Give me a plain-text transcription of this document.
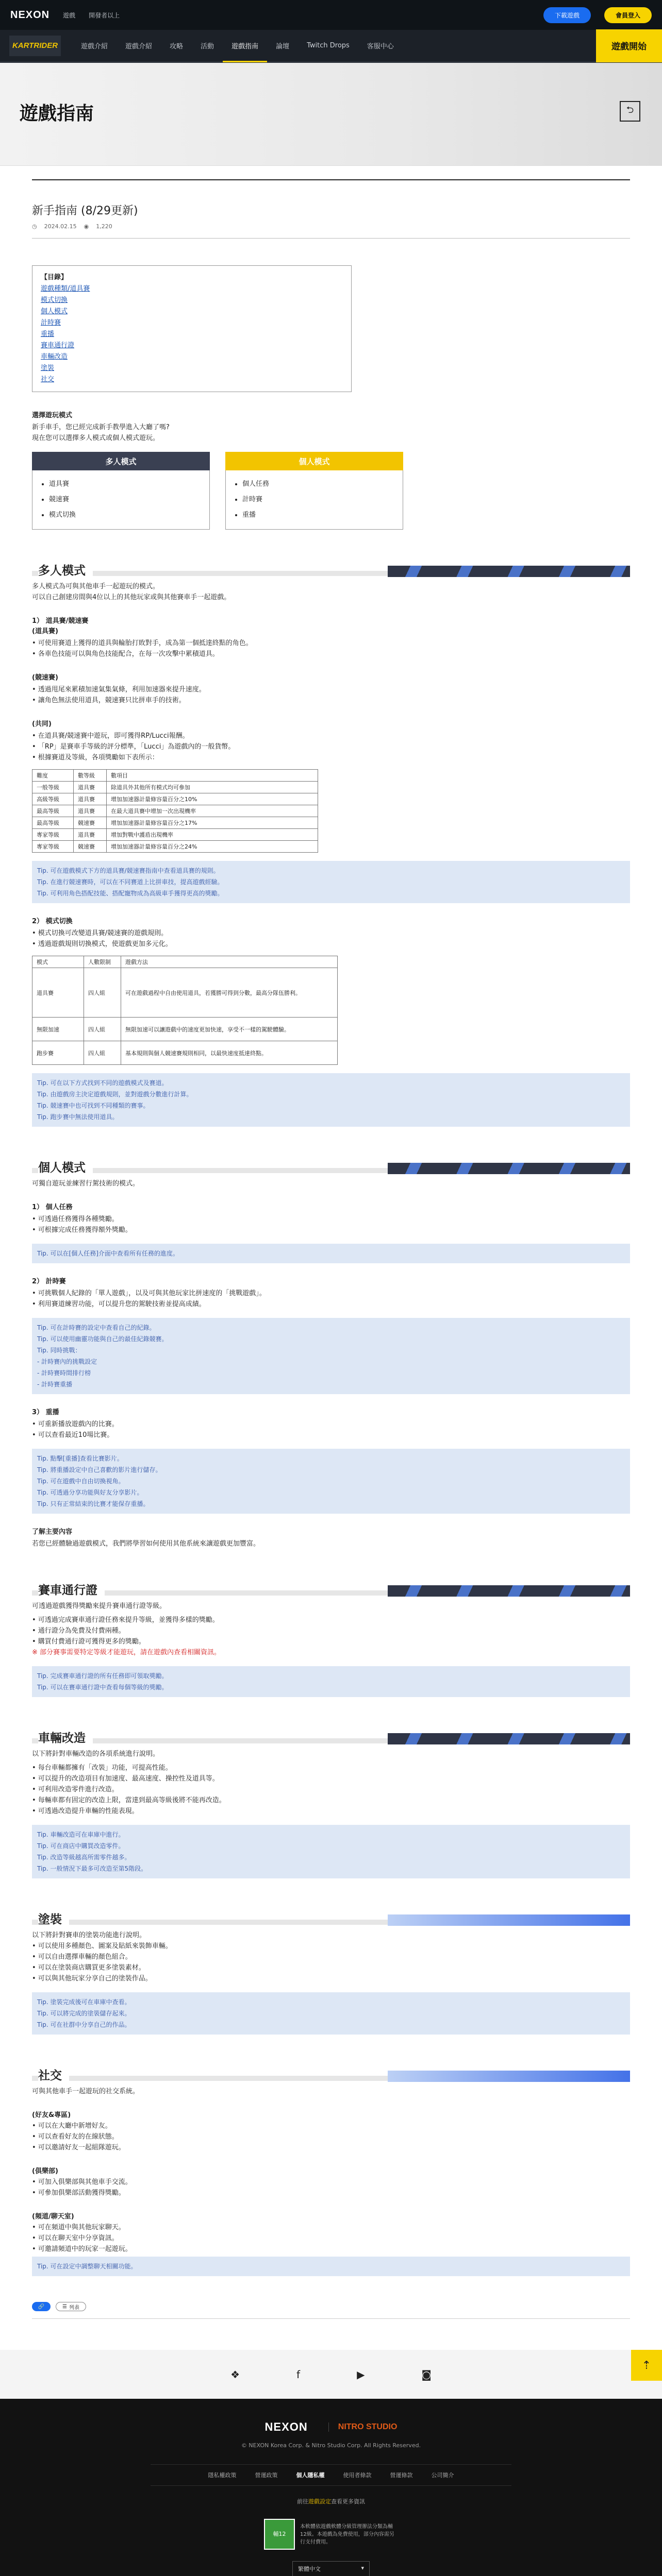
NEXON 遊戲 開發者以上	下載遊戲	會員登入
KARTRIDER	遊戲介紹	遊戲介紹	攻略	活動	遊戲指南	論壇	Twitch Drops	客服中心	遊戲開始
遊戲指南	⮌
新手指南 (8/29更新)
◷ 2024.02.15 ◉ 1,220
【目錄】
遊戲種類/道具賽
模式切換
個人模式
計時賽
重播
賽車通行證
車輛改造
塗裝
社交
選擇遊玩模式
新手車手，您已經完成新手教學進入大廳了嗎?
現在您可以選擇多人模式或個人模式遊玩。
多人模式
• 道具賽
• 競速賽
• 模式切換
個人模式
• 個人任務
• 計時賽
• 重播
多人模式
多人模式為可與其他車手一起遊玩的模式。
可以自己創建房間與4位以上的其他玩家或與其他賽車手一起遊戲。
1） 道具賽/競速賽
(道具賽)
• 可使用賽道上獲得的道具與輪胎打敗對手，成為第一個抵達終點的角色。
• 各車色技能可以與角色技能配合，在每一次攻擊中累積道具。
(競速賽)
• 透過甩尾來累積加速氣集氣條，利用加速器來提升速度。
• 讓角色無法使用道具，競速賽只比拼車手的技術。
(共同)
• 在道具賽/競速賽中遊玩，即可獲得RP/Lucci報酬。
• 「RP」是賽車手等級的評分標準，「Lucci」為遊戲內的一般貨幣。
• 根據賽道及等級，各項獎勵如下表所示：
難度	數等級	數項目
一般等級	道具賽	除道具外其他所有模式均可參加
高級等級	道具賽	增加加速器計量條容量百分之10%
最高等級	道具賽	在最大道具賽中增加一次出現機率
最高等級	競速賽	增加加速器計量條容量百分之17%
專家等級	道具賽	增加對戰中護盾出現機率
專家等級	競速賽	增加加速器計量條容量百分之24%
Tip. 可在遊戲模式下方的道具賽/競速賽指南中查看道具賽的規則。
Tip. 在進行競速賽時，可以在不同賽道上比拼車技，提高遊戲經驗。
Tip. 可利用角色搭配技能、搭配寵物成為高級車手獲得更高的獎勵。
2） 模式切換
• 模式切換可改變道具賽/競速賽的遊戲規則。
• 透過遊戲規則切換模式，使遊戲更加多元化。
模式	人數限制	遊戲方法
道具賽	四人組	可在遊戲過程中自由使用道具，若獲勝可得到分數，最高分隊伍勝利。
無限加速	四人組	無限加速可以讓遊戲中的速度更加快速，享受不一樣的駕駛體驗。
跑步賽	四人組	基本規則與個人競速賽規則相同，以最快速度抵達終點。
Tip. 可在以下方式找到不同的遊戲模式及賽道。
Tip. 由遊戲房主決定遊戲規則，並對遊戲分數進行計算。
Tip. 競速賽中也可找到不同種類的賽事。
Tip. 跑步賽中無法使用道具。
個人模式
可獨自遊玩並練習行駕技術的模式。
1） 個人任務
• 可透過任務獲得各種獎勵。
• 可根據完成任務獲得額外獎勵。
Tip. 可以在[個人任務]介面中查看所有任務的進度。
2） 計時賽
• 可挑戰個人紀錄的「單人遊戲」，以及可與其他玩家比拼速度的「挑戰遊戲」。
• 利用賽道練習功能，可以提升您的駕駛技術並提高成績。
Tip. 可在計時賽的設定中查看自己的紀錄。
Tip. 可以使用幽靈功能與自己的最佳紀錄競賽。
Tip. 同時挑戰：
- 計時賽內的挑戰設定
- 計時賽時間排行榜
- 計時賽重播
3） 重播
• 可重新播放遊戲內的比賽。
• 可以查看最近10場比賽。
Tip. 點擊[重播]查看比賽影片。
Tip. 將重播設定中自己喜歡的影片進行儲存。
Tip. 可在遊戲中自由切換視角。
Tip. 可透過分享功能與好友分享影片。
Tip. 只有正常結束的比賽才能保存重播。
了解主要內容
若您已經體驗過遊戲模式，我們將學習如何使用其他系統來讓遊戲更加豐富。
賽車通行證
可透過遊戲獲得獎勵來提升賽車通行證等級。
• 可透過完成賽車通行證任務來提升等級，並獲得多樣的獎勵。
• 通行證分為免費及付費兩種。
• 購買付費通行證可獲得更多的獎勵。
※ 部分賽事需要特定等級才能遊玩，請在遊戲內查看相關資訊。
Tip. 完成賽車通行證的所有任務即可領取獎勵。
Tip. 可以在賽車通行證中查看每個等級的獎勵。
車輛改造
以下將針對車輛改造的各項系統進行說明。
• 每台車輛都擁有「改裝」功能，可提高性能。
• 可以提升的改造項目有加速度、最高速度、操控性及道具等。
• 可利用改造零件進行改造。
• 每輛車都有固定的改造上限，當達到最高等級後將不能再改造。
• 可透過改造提升車輛的性能表現。
Tip. 車輛改造可在車庫中進行。
Tip. 可在商店中購買改造零件。
Tip. 改造等級越高所需零件越多。
Tip. 一般情況下最多可改造至第5階段。
塗裝
以下將針對賽車的塗裝功能進行說明。
• 可以使用多種顏色、圖案及貼紙來裝飾車輛。
• 可以自由選擇車輛的顏色組合。
• 可以在塗裝商店購買更多塗裝素材。
• 可以與其他玩家分享自己的塗裝作品。
Tip. 塗裝完成後可在車庫中查看。
Tip. 可以將完成的塗裝儲存起來。
Tip. 可在社群中分享自己的作品。
社交
可與其他車手一起遊玩的社交系統。
(好友&專區)
• 可以在大廳中新增好友。
• 可以查看好友的在線狀態。
• 可以邀請好友一起組隊遊玩。
(俱樂部)
• 可加入俱樂部與其他車手交流。
• 可參加俱樂部活動獲得獎勵。
(頻道/聊天室)
• 可在頻道中與其他玩家聊天。
• 可以在聊天室中分享資訊。
• 可邀請頻道中的玩家一起遊玩。
Tip. 可在設定中調整聊天相關功能。
🔗	☰ 列表
❖	f	▶	◙
⇡
NEXON	NITRO STUDIO
© NEXON Korea Corp. & Nitro Studio Corp. All Rights Reserved.
隱私權政策	營運政策	個人隱私權	使用者條款	營運條款	公司簡介
前往遊戲設定查看更多資訊
輔12
本軟體依遊戲軟體分級管理辦法分類為輔12級。本遊戲為免費使用，部分內容需另行支付費用。
繁體中文	▾
